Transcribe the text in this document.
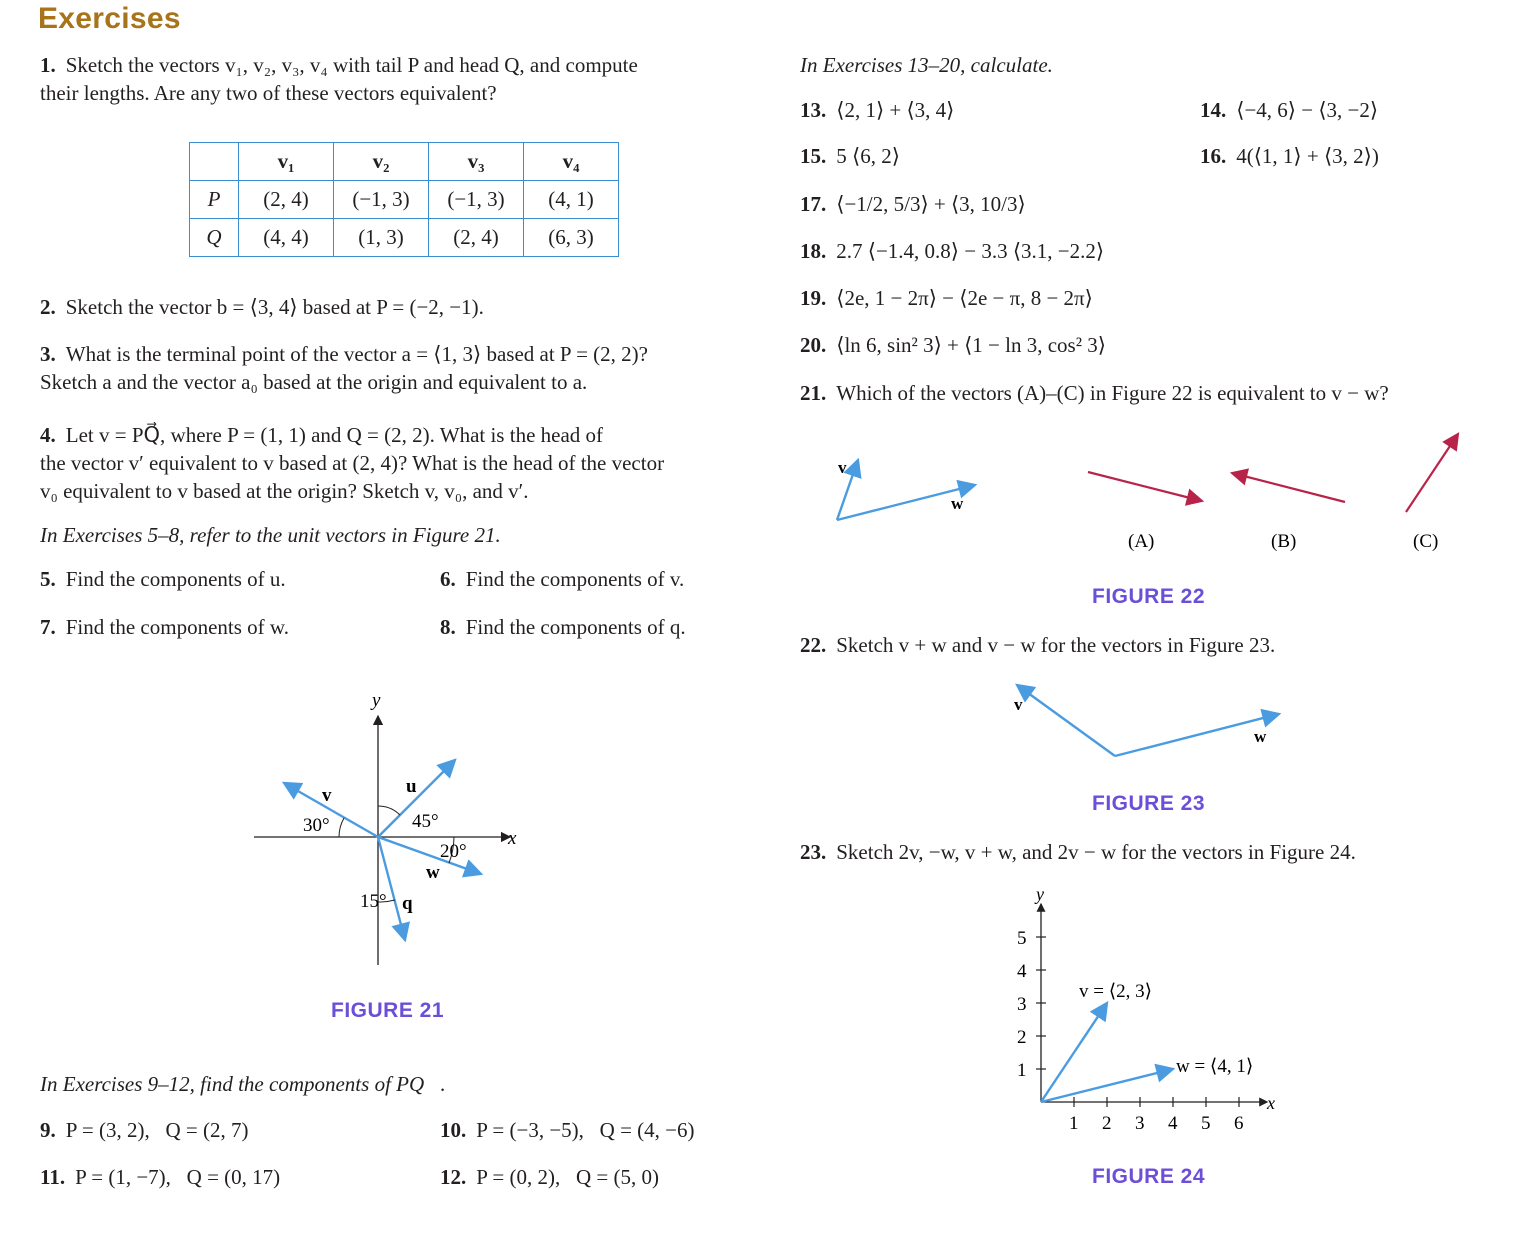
Exercises
1. Sketch the vectors v₁, v₂, v₃, v₄ with tail P and head Q, and compute
their lengths. Are any two of these vectors equivalent?
	v₁	v₂	v₃	v₄
P	(2, 4)	(−1, 3)	(−1, 3)	(4, 1)
Q	(4, 4)	(1, 3)	(2, 4)	(6, 3)
2. Sketch the vector b = ⟨3, 4⟩ based at P = (−2, −1).
3. What is the terminal point of the vector a = ⟨1, 3⟩ based at P = (2, 2)?
Sketch a and the vector a₀ based at the origin and equivalent to a.
4. Let v = PQ⃗, where P = (1, 1) and Q = (2, 2). What is the head of
the vector v′ equivalent to v based at (2, 4)? What is the head of the vector
v₀ equivalent to v based at the origin? Sketch v, v₀, and v′.
In Exercises 5–8, refer to the unit vectors in Figure 21.
5. Find the components of u.	6. Find the components of v.
7. Find the components of w.	8. Find the components of q.
y
x
u
v
w
q
30°	45°
20°
15°
FIGURE 21
In Exercises 9–12, find the components of PQ⃗.
9. P = (3, 2),   Q = (2, 7)	10. P = (−3, −5),   Q = (4, −6)
11. P = (1, −7),   Q = (0, 17)	12. P = (0, 2),   Q = (5, 0)
In Exercises 13–20, calculate.
13. ⟨2, 1⟩ + ⟨3, 4⟩	14. ⟨−4, 6⟩ − ⟨3, −2⟩
15. 5 ⟨6, 2⟩	16. 4(⟨1, 1⟩ + ⟨3, 2⟩)
17. ⟨−1/2, 5/3⟩ + ⟨3, 10/3⟩
18. 2.7 ⟨−1.4, 0.8⟩ − 3.3 ⟨3.1, −2.2⟩
19. ⟨2e, 1 − 2π⟩ − ⟨2e − π, 8 − 2π⟩
20. ⟨ln 6, sin² 3⟩ + ⟨1 − ln 3, cos² 3⟩
21. Which of the vectors (A)–(C) in Figure 22 is equivalent to v − w?
v
w
(A)	(B)	(C)
FIGURE 22
22. Sketch v + w and v − w for the vectors in Figure 23.
v
w
FIGURE 23
23. Sketch 2v, −w, v + w, and 2v − w for the vectors in Figure 24.
1 2 3 4 5 6
1
2
3
4
5
y
x
v = ⟨2, 3⟩
w = ⟨4, 1⟩
FIGURE 24
